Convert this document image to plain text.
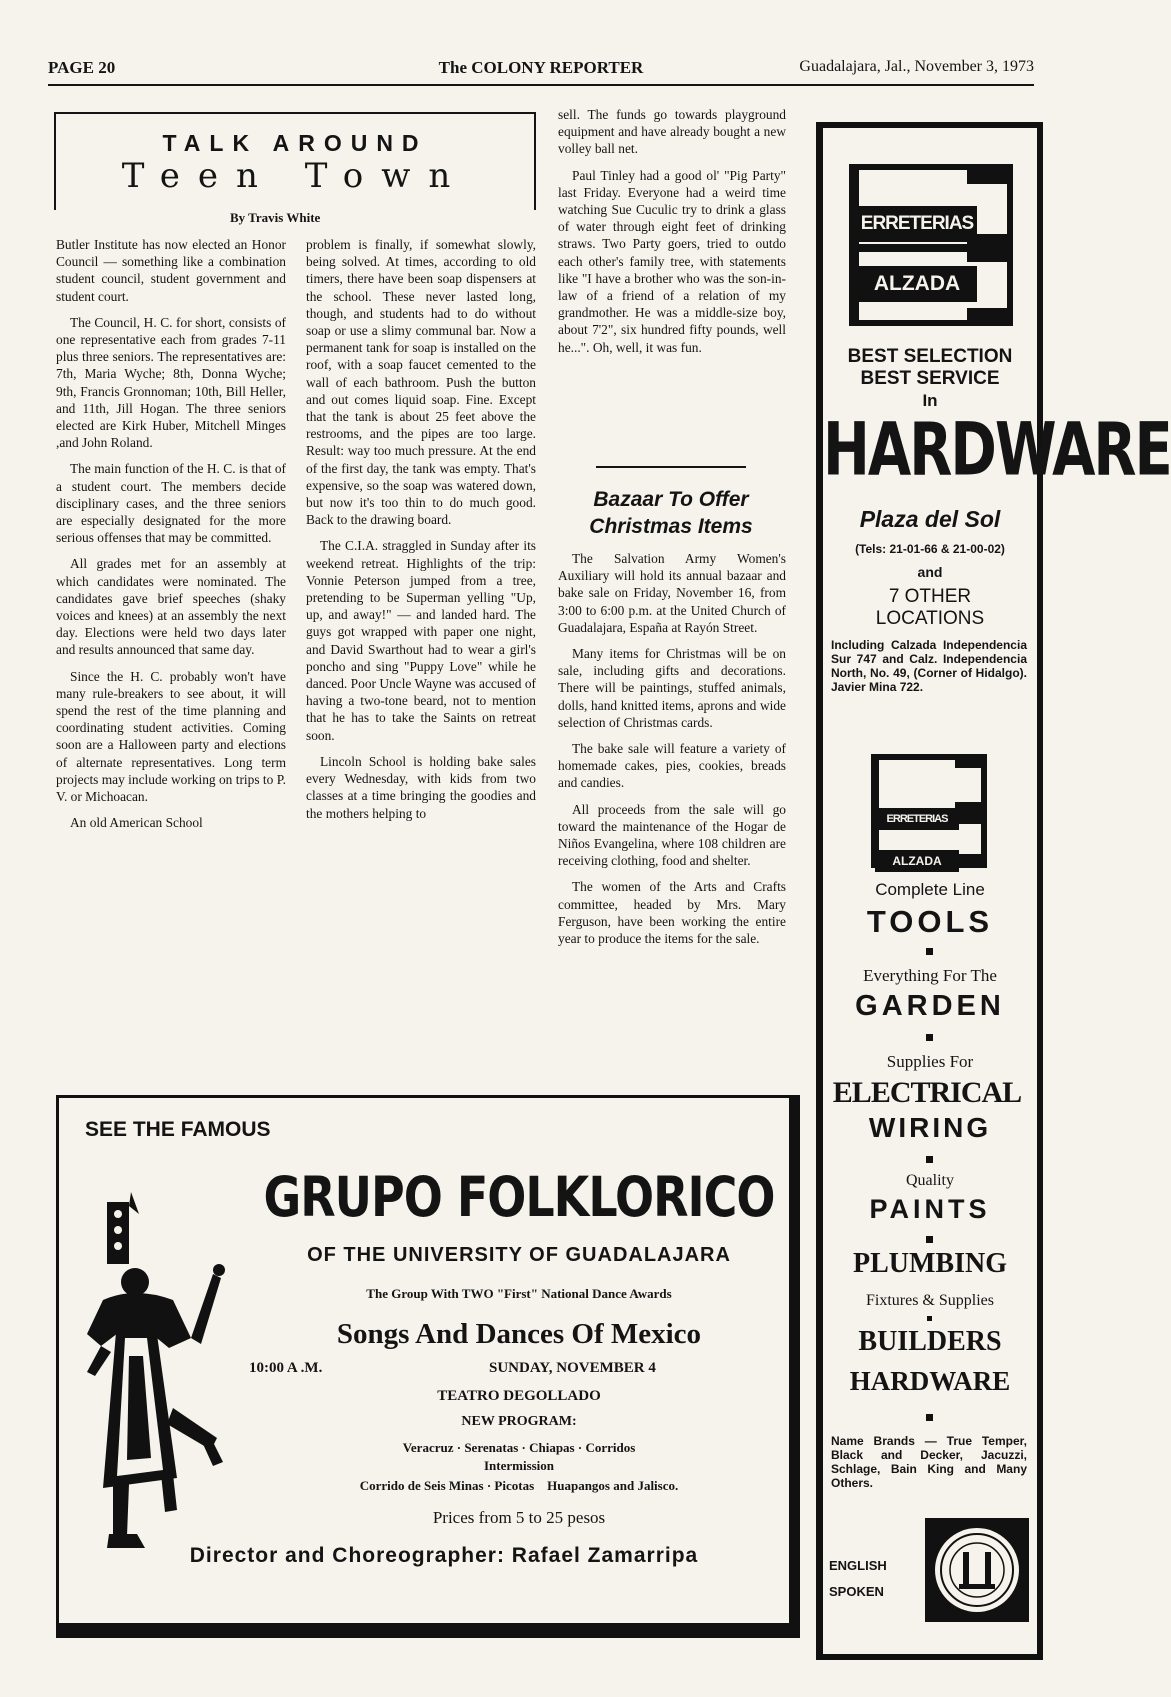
PAGE 20	The COLONY REPORTER	Guadalajara, Jal., November 3, 1973
TALK AROUND
Teen Town
By Travis White

Butler Institute has now elected an Honor Council — something like a combination student council, student government and student court.

The Council, H. C. for short, consists of one representative each from grades 7-11 plus three seniors. The representatives are: 7th, Maria Wyche; 8th, Donna Wyche; 9th, Francis Gronnoman; 10th, Bill Heller, and 11th, Jill Hogan. The three seniors elected are Kirk Huber, Mitchell Minges ,and John Roland.

The main function of the H. C. is that of a student court. The members decide disciplinary cases, and the three seniors are especially designated for the more serious offenses that may be committed.

All grades met for an assembly at which candidates were nominated. The candidates gave brief speeches (shaky voices and knees) at an assembly the next day. Elections were held two days later and results announced that same day.

Since the H. C. probably won't have many rule-breakers to see about, it will spend the rest of the time planning and coordinating student activities. Coming soon are a Halloween party and elections of alternate representatives. Long term projects may include working on trips to P. V. or Michoacan.

An old American School

problem is finally, if somewhat slowly, being solved. At times, according to old timers, there have been soap dispensers at the school. These never lasted long, though, and students had to do without soap or use a slimy communal bar. Now a permanent tank for soap is installed on the roof, with a soap faucet cemented to the wall of each bathroom. Push the button and out comes liquid soap. Fine. Except that the tank is about 25 feet above the restrooms, and the pipes are too large. Result: way too much pressure. At the end of the first day, the tank was empty. That's expensive, so the soap was watered down, but now it's too thin to do much good. Back to the drawing board.

The C.I.A. straggled in Sunday after its weekend retreat. Highlights of the trip: Vonnie Peterson jumped from a tree, pretending to be Superman yelling "Up, up, and away!" — and landed hard. The guys got wrapped with paper one night, and David Swarthout had to wear a girl's poncho and sing "Puppy Love" while he danced. Poor Uncle Wayne was accused of having a two-tone beard, not to mention that he has to take the Saints on retreat soon.

Lincoln School is holding bake sales every Wednesday, with kids from two classes at a time bringing the goodies and the mothers helping to

sell. The funds go towards playground equipment and have already bought a new volley ball net.

Paul Tinley had a good ol' "Pig Party" last Friday. Everyone had a weird time watching Sue Cuculic try to drink a glass of water through eight feet of drinking straws. Two Party goers, tried to outdo each other's family tree, with statements like "I have a brother who was the son-in-law of a friend of a relation of my grandmother. He was a middle-size boy, about 7'2", six hundred fifty pounds, well he...". Oh, well, it was fun.

Bazaar To Offer Christmas Items

The Salvation Army Women's Auxiliary will hold its annual bazaar and bake sale on Friday, November 16, from 3:00 to 6:00 p.m. at the United Church of Guadalajara, España at Rayón Street.

Many items for Christmas will be on sale, including gifts and decorations. There will be paintings, stuffed animals, dolls, hand knitted items, aprons and wide selection of Christmas cards.

The bake sale will feature a variety of homemade cakes, pies, cookies, breads and candies.

All proceeds from the sale will go toward the maintenance of the Hogar de Niños Evangelina, where 108 children are receiving clothing, food and shelter.

The women of the Arts and Crafts committee, headed by Mrs. Mary Ferguson, have been working the entire year to produce the items for the sale.

ERRETERIAS
ALZADA
BEST SELECTION
BEST SERVICE
In
HARDWARE
Plaza del Sol
(Tels: 21-01-66 & 21-00-02)
and
7 OTHER
LOCATIONS
Including Calzada Independencia Sur 747 and Calz. Independencia North, No. 49, (Corner of Hidalgo). Javier Mina 722.
ERRETERIAS
ALZADA
Complete Line
TOOLS
Everything For The
GARDEN
Supplies For
ELECTRICAL
WIRING
Quality
PAINTS
PLUMBING
Fixtures & Supplies
BUILDERS
HARDWARE
Name Brands — True Temper, Black and Decker, Jacuzzi, Schlage, Bain King and Many Others.
ENGLISH
SPOKEN
SEE THE FAMOUS
GRUPO FOLKLORICO
OF THE UNIVERSITY OF GUADALAJARA
The Group With TWO "First" National Dance Awards
Songs And Dances Of Mexico
10:00 A .M.	SUNDAY, NOVEMBER 4
TEATRO DEGOLLADO
NEW PROGRAM:
Veracruz · Serenatas · Chiapas · Corridos
Intermission
Corrido de Seis Minas · Picotas    Huapangos and Jalisco.
Prices from 5 to 25 pesos
Director and Choreographer: Rafael Zamarripa
